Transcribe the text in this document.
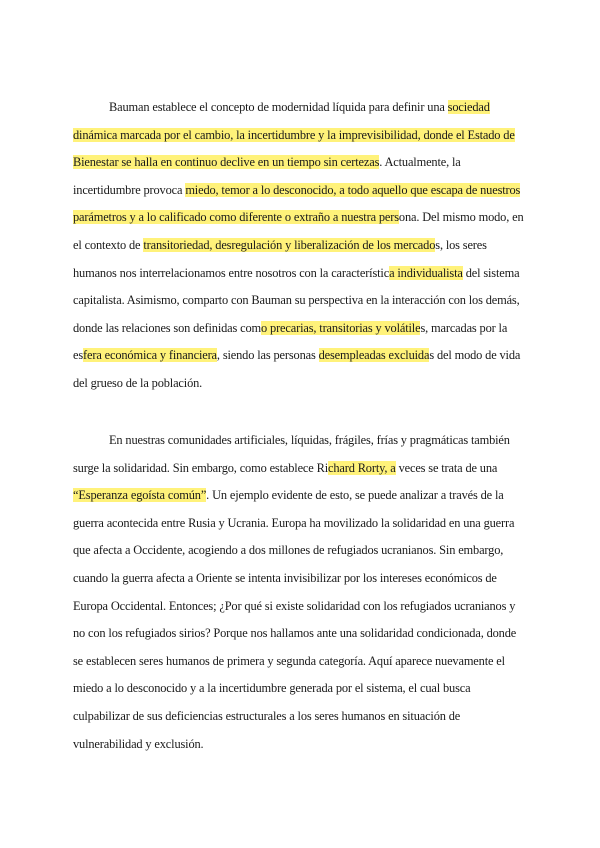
Bauman establece el concepto de modernidad líquida para definir una sociedad
dinámica marcada por el cambio, la incertidumbre y la imprevisibilidad, donde el Estado de
Bienestar se halla en continuo declive en un tiempo sin certezas. Actualmente, la
incertidumbre provoca miedo, temor a lo desconocido, a todo aquello que escapa de nuestros
parámetros y a lo calificado como diferente o extraño a nuestra persona. Del mismo modo, en
el contexto de transitoriedad, desregulación y liberalización de los mercados, los seres
humanos nos interrelacionamos entre nosotros con la característica individualista del sistema
capitalista. Asimismo, comparto con Bauman su perspectiva en la interacción con los demás,
donde las relaciones son definidas como precarias, transitorias y volátiles, marcadas por la
esfera económica y financiera, siendo las personas desempleadas excluidas del modo de vida
del grueso de la población.
En nuestras comunidades artificiales, líquidas, frágiles, frías y pragmáticas también
surge la solidaridad. Sin embargo, como establece Richard Rorty, a veces se trata de una
“Esperanza egoísta común”. Un ejemplo evidente de esto, se puede analizar a través de la
guerra acontecida entre Rusia y Ucrania. Europa ha movilizado la solidaridad en una guerra
que afecta a Occidente, acogiendo a dos millones de refugiados ucranianos. Sin embargo,
cuando la guerra afecta a Oriente se intenta invisibilizar por los intereses económicos de
Europa Occidental. Entonces; ¿Por qué si existe solidaridad con los refugiados ucranianos y
no con los refugiados sirios? Porque nos hallamos ante una solidaridad condicionada, donde
se establecen seres humanos de primera y segunda categoría. Aquí aparece nuevamente el
miedo a lo desconocido y a la incertidumbre generada por el sistema, el cual busca
culpabilizar de sus deficiencias estructurales a los seres humanos en situación de
vulnerabilidad y exclusión.
